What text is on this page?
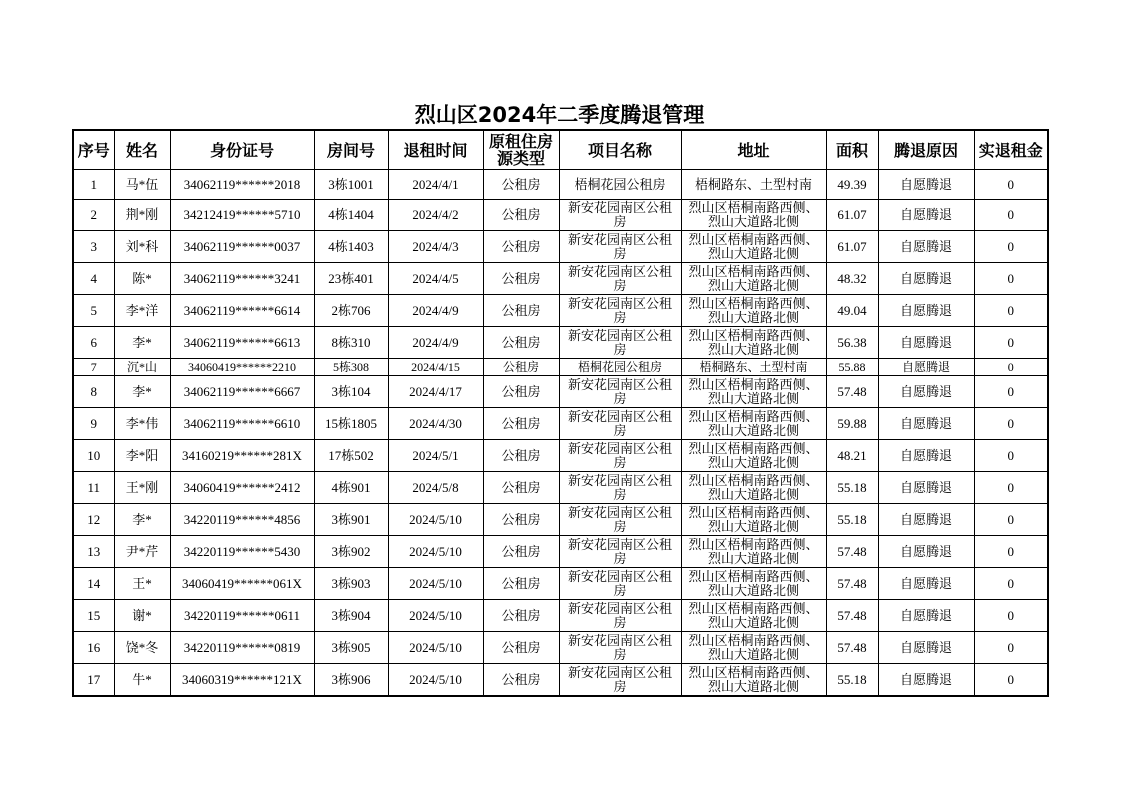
烈山区2024年二季度腾退管理
序号	姓名	身份证号	房间号	退租时间	原租住房源类型	项目名称	地址	面积	腾退原因	实退租金
1	马*伍	34062119******2018	3栋1001	2024/4/1	公租房	梧桐花园公租房	梧桐路东、土型村南	49.39	自愿腾退	0
2	荆*刚	34212419******5710	4栋1404	2024/4/2	公租房	新安花园南区公租房	烈山区梧桐南路西侧、烈山大道路北侧	61.07	自愿腾退	0
3	刘*科	34062119******0037	4栋1403	2024/4/3	公租房	新安花园南区公租房	烈山区梧桐南路西侧、烈山大道路北侧	61.07	自愿腾退	0
4	陈*	34062119******3241	23栋401	2024/4/5	公租房	新安花园南区公租房	烈山区梧桐南路西侧、烈山大道路北侧	48.32	自愿腾退	0
5	李*洋	34062119******6614	2栋706	2024/4/9	公租房	新安花园南区公租房	烈山区梧桐南路西侧、烈山大道路北侧	49.04	自愿腾退	0
6	李*	34062119******6613	8栋310	2024/4/9	公租房	新安花园南区公租房	烈山区梧桐南路西侧、烈山大道路北侧	56.38	自愿腾退	0
7	沉*山	34060419******2210	5栋308	2024/4/15	公租房	梧桐花园公租房	梧桐路东、土型村南	55.88	自愿腾退	0
8	李*	34062119******6667	3栋104	2024/4/17	公租房	新安花园南区公租房	烈山区梧桐南路西侧、烈山大道路北侧	57.48	自愿腾退	0
9	李*伟	34062119******6610	15栋1805	2024/4/30	公租房	新安花园南区公租房	烈山区梧桐南路西侧、烈山大道路北侧	59.88	自愿腾退	0
10	李*阳	34160219******281X	17栋502	2024/5/1	公租房	新安花园南区公租房	烈山区梧桐南路西侧、烈山大道路北侧	48.21	自愿腾退	0
11	王*刚	34060419******2412	4栋901	2024/5/8	公租房	新安花园南区公租房	烈山区梧桐南路西侧、烈山大道路北侧	55.18	自愿腾退	0
12	李*	34220119******4856	3栋901	2024/5/10	公租房	新安花园南区公租房	烈山区梧桐南路西侧、烈山大道路北侧	55.18	自愿腾退	0
13	尹*芹	34220119******5430	3栋902	2024/5/10	公租房	新安花园南区公租房	烈山区梧桐南路西侧、烈山大道路北侧	57.48	自愿腾退	0
14	王*	34060419******061X	3栋903	2024/5/10	公租房	新安花园南区公租房	烈山区梧桐南路西侧、烈山大道路北侧	57.48	自愿腾退	0
15	谢*	34220119******0611	3栋904	2024/5/10	公租房	新安花园南区公租房	烈山区梧桐南路西侧、烈山大道路北侧	57.48	自愿腾退	0
16	饶*冬	34220119******0819	3栋905	2024/5/10	公租房	新安花园南区公租房	烈山区梧桐南路西侧、烈山大道路北侧	57.48	自愿腾退	0
17	牛*	34060319******121X	3栋906	2024/5/10	公租房	新安花园南区公租房	烈山区梧桐南路西侧、烈山大道路北侧	55.18	自愿腾退	0
